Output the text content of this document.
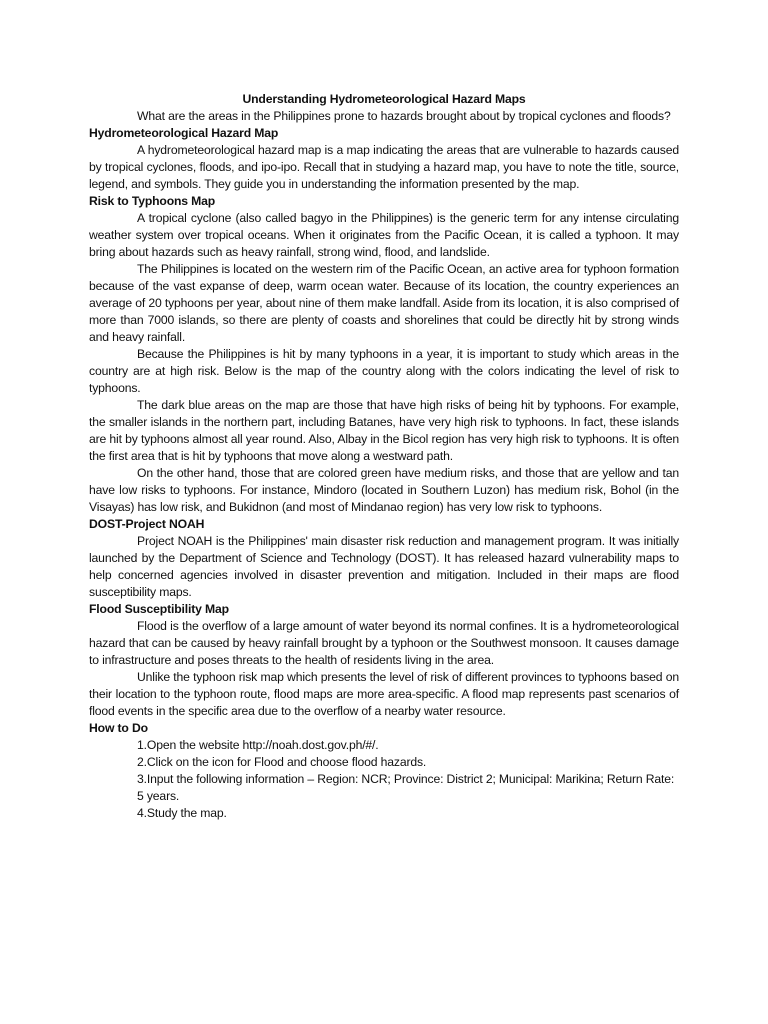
Understanding Hydrometeorological Hazard Maps

What are the areas in the Philippines prone to hazards brought about by tropical cyclones and floods?

Hydrometeorological Hazard Map

A hydrometeorological hazard map is a map indicating the areas that are vulnerable to hazards caused by tropical cyclones, floods, and ipo-ipo. Recall that in studying a hazard map, you have to note the title, source, legend, and symbols. They guide you in understanding the information presented by the map.

Risk to Typhoons Map

A tropical cyclone (also called bagyo in the Philippines) is the generic term for any intense circulating weather system over tropical oceans. When it originates from the Pacific Ocean, it is called a typhoon. It may bring about hazards such as heavy rainfall, strong wind, flood, and landslide.

The Philippines is located on the western rim of the Pacific Ocean, an active area for typhoon formation because of the vast expanse of deep, warm ocean water. Because of its location, the country experiences an average of 20 typhoons per year, about nine of them make landfall. Aside from its location, it is also comprised of more than 7000 islands, so there are plenty of coasts and shorelines that could be directly hit by strong winds and heavy rainfall.

Because the Philippines is hit by many typhoons in a year, it is important to study which areas in the country are at high risk. Below is the map of the country along with the colors indicating the level of risk to typhoons.

The dark blue areas on the map are those that have high risks of being hit by typhoons. For example, the smaller islands in the northern part, including Batanes, have very high risk to typhoons. In fact, these islands are hit by typhoons almost all year round. Also, Albay in the Bicol region has very high risk to typhoons. It is often the first area that is hit by typhoons that move along a westward path.

On the other hand, those that are colored green have medium risks, and those that are yellow and tan have low risks to typhoons. For instance, Mindoro (located in Southern Luzon) has medium risk, Bohol (in the Visayas) has low risk, and Bukidnon (and most of Mindanao region) has very low risk to typhoons.

DOST-Project NOAH

Project NOAH is the Philippines' main disaster risk reduction and management program. It was initially launched by the Department of Science and Technology (DOST). It has released hazard vulnerability maps to help concerned agencies involved in disaster prevention and mitigation. Included in their maps are flood susceptibility maps.

Flood Susceptibility Map

Flood is the overflow of a large amount of water beyond its normal confines. It is a hydrometeorological hazard that can be caused by heavy rainfall brought by a typhoon or the Southwest monsoon. It causes damage to infrastructure and poses threats to the health of residents living in the area.

Unlike the typhoon risk map which presents the level of risk of different provinces to typhoons based on their location to the typhoon route, flood maps are more area-specific. A flood map represents past scenarios of flood events in the specific area due to the overflow of a nearby water resource.

How to Do

1.Open the website http://noah.dost.gov.ph/#/.

2.Click on the icon for Flood and choose flood hazards.

3.Input the following information – Region: NCR; Province: District 2; Municipal: Marikina; Return Rate: 5 years.

4.Study the map.
